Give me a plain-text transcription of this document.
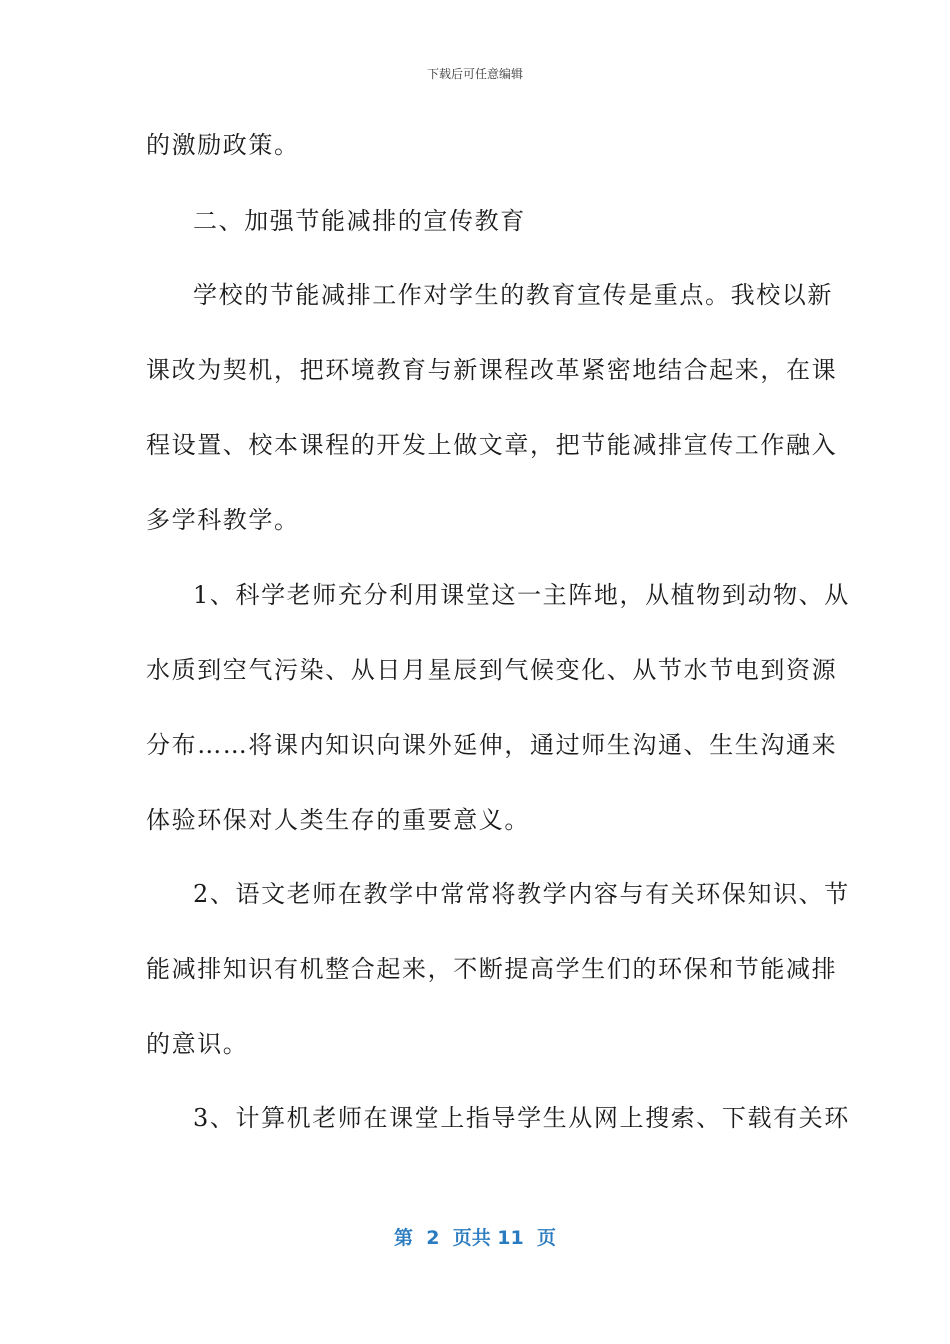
下载后可任意编辑
的激励政策。
二、加强节能减排的宣传教育
学校的节能减排工作对学生的教育宣传是重点。我校以新
课改为契机，把环境教育与新课程改革紧密地结合起来，在课
程设置、校本课程的开发上做文章，把节能减排宣传工作融入
多学科教学。
1、科学老师充分利用课堂这一主阵地，从植物到动物、从
水质到空气污染、从日月星辰到气候变化、从节水节电到资源
分布……将课内知识向课外延伸，通过师生沟通、生生沟通来
体验环保对人类生存的重要意义。
2、语文老师在教学中常常将教学内容与有关环保知识、节
能减排知识有机整合起来，不断提高学生们的环保和节能减排
的意识。
3、计算机老师在课堂上指导学生从网上搜索、下载有关环
第  2  页共 11  页
